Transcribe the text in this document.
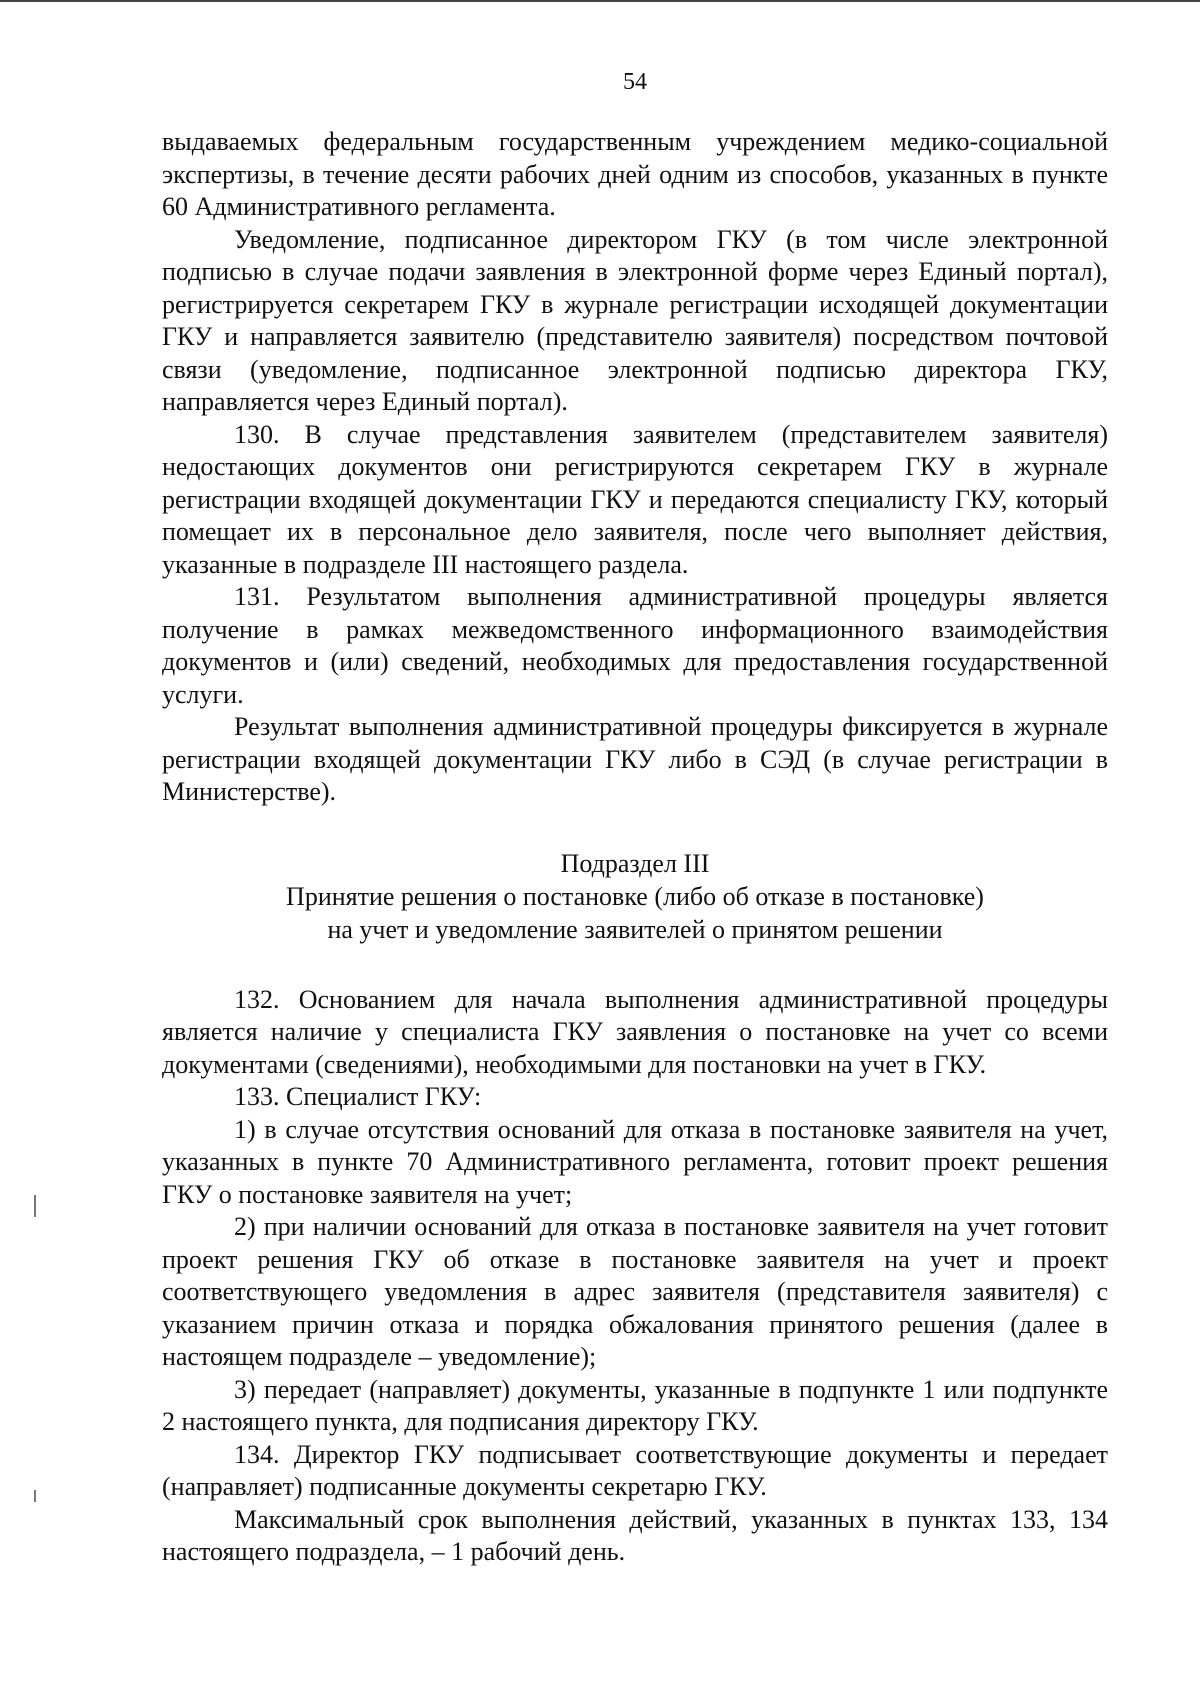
54

выдаваемых федеральным государственным учреждением медико-социальной экспертизы, в течение десяти рабочих дней одним из способов, указанных в пункте 60 Административного регламента.

Уведомление, подписанное директором ГКУ (в том числе электронной подписью в случае подачи заявления в электронной форме через Единый портал), регистрируется секретарем ГКУ в журнале регистрации исходящей документации ГКУ и направляется заявителю (представителю заявителя) посредством почтовой связи (уведомление, подписанное электронной подписью директора ГКУ, направляется через Единый портал).

130. В случае представления заявителем (представителем заявителя) недостающих документов они регистрируются секретарем ГКУ в журнале регистрации входящей документации ГКУ и передаются специалисту ГКУ, который помещает их в персональное дело заявителя, после чего выполняет действия, указанные в подразделе III настоящего раздела.

131. Результатом выполнения административной процедуры является получение в рамках межведомственного информационного взаимодействия документов и (или) сведений, необходимых для предоставления государственной услуги.

Результат выполнения административной процедуры фиксируется в журнале регистрации входящей документации ГКУ либо в СЭД (в случае регистрации в Министерстве).

Подраздел III
Принятие решения о постановке (либо об отказе в постановке)
на учет и уведомление заявителей о принятом решении

132. Основанием для начала выполнения административной процедуры является наличие у специалиста ГКУ заявления о постановке на учет со всеми документами (сведениями), необходимыми для постановки на учет в ГКУ.

133. Специалист ГКУ:

1) в случае отсутствия оснований для отказа в постановке заявителя на учет, указанных в пункте 70 Административного регламента, готовит проект решения ГКУ о постановке заявителя на учет;

2) при наличии оснований для отказа в постановке заявителя на учет готовит проект решения ГКУ об отказе в постановке заявителя на учет и проект соответствующего уведомления в адрес заявителя (представителя заявителя) с указанием причин отказа и порядка обжалования принятого решения (далее в настоящем подразделе – уведомление);

3) передает (направляет) документы, указанные в подпункте 1 или подпункте 2 настоящего пункта, для подписания директору ГКУ.

134. Директор ГКУ подписывает соответствующие документы и передает (направляет) подписанные документы секретарю ГКУ.

Максимальный срок выполнения действий, указанных в пунктах 133, 134 настоящего подраздела, – 1 рабочий день.
